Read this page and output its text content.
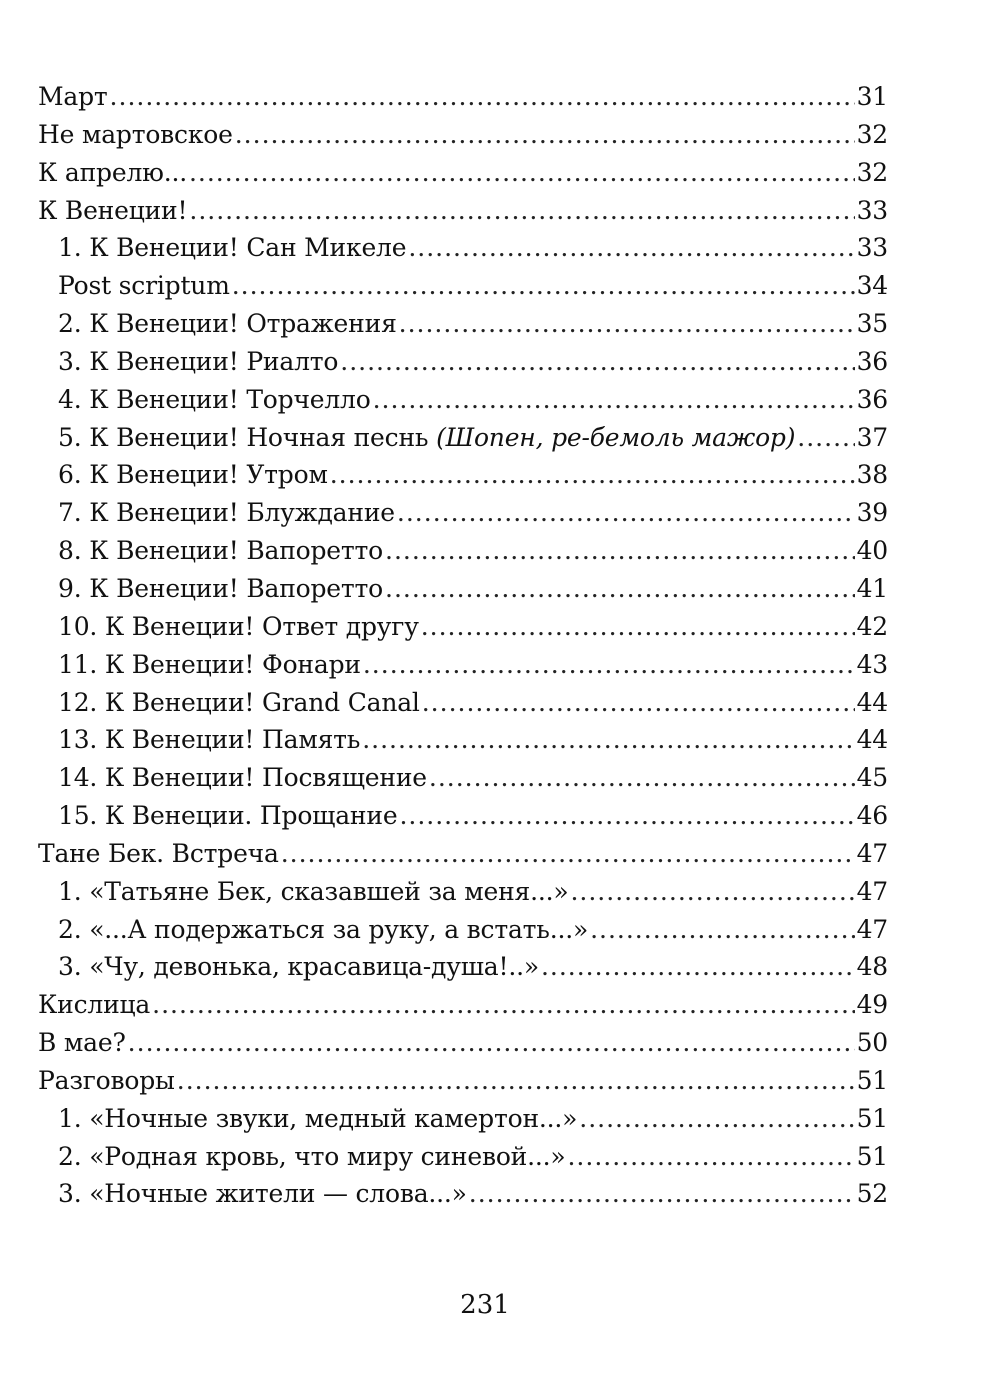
Март .....	31
Не мартовское .....	32
К апрелю... .....	32
К Венеции! .....	33
1. К Венеции! Сан Микеле .....	33
Post scriptum .....	34
2. К Венеции! Отражения .....	35
3. К Венеции! Риалто .....	36
4. К Венеции! Торчелло .....	36
5. К Венеции! Ночная песнь (Шопен, ре-бемоль мажор) ..... 37
6. К Венеции! Утром .....	38
7. К Венеции! Блуждание .....	39
8. К Венеции! Вапоретто .....	40
9. К Венеции! Вапоретто .....	41
10. К Венеции! Ответ другу .....	42
11. К Венеции! Фонари .....	43
12. К Венеции! Grand Canal .....	44
13. К Венеции! Память .....	44
14. К Венеции! Посвящение .....	45
15. К Венеции. Прощание .....	46
Тане Бек. Встреча .....	47
1. «Татьяне Бек, сказавшей за меня...» .....	47
2. «...А подержаться за руку, а встать...» .....	47
3. «Чу, девонька, красавица-душа!..» .....	48
Кислица .....	49
В мае? .....	50
Разговоры .....	51
1. «Ночные звуки, медный камертон...» .....	51
2. «Родная кровь, что миру синевой...» .....	51
3. «Ночные жители — слова...» .....	52
231
